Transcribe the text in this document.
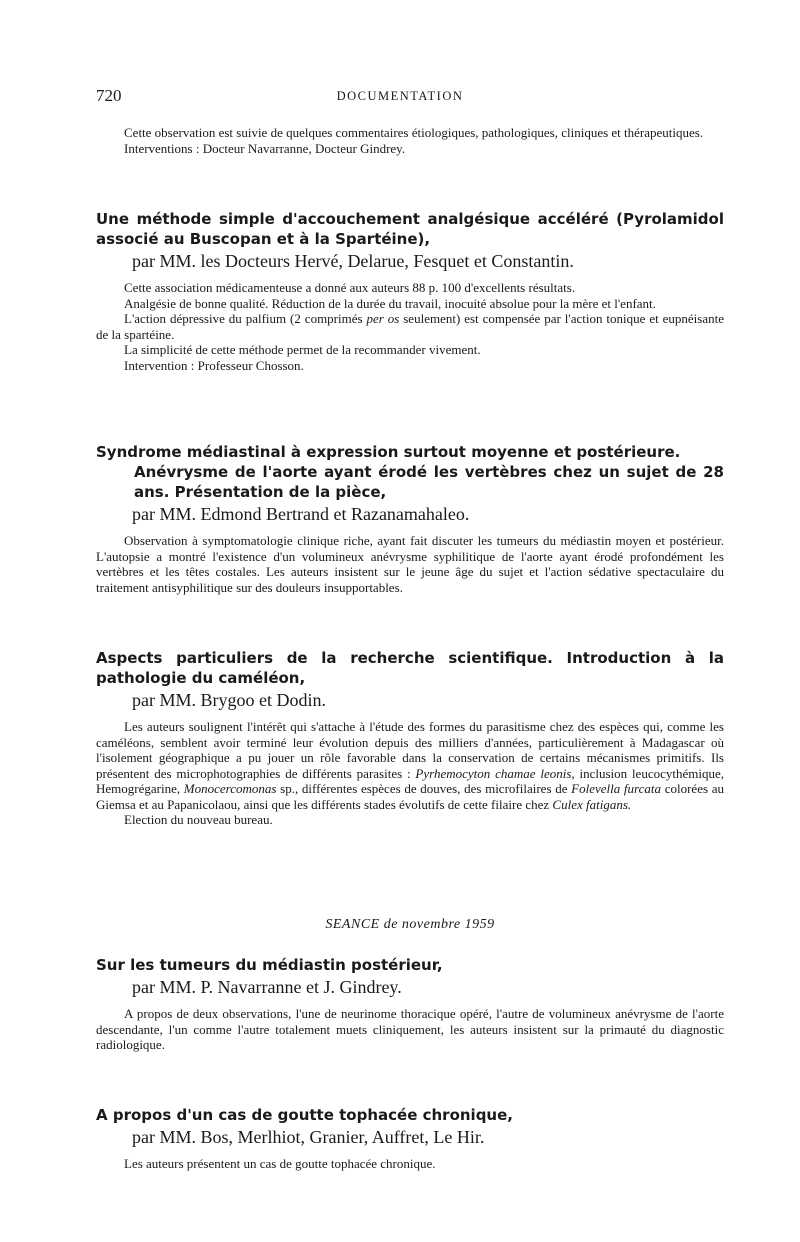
720	DOCUMENTATION

Cette observation est suivie de quelques commentaires étiologiques, pathologiques, cliniques et thérapeutiques.

Interventions : Docteur Navarranne, Docteur Gindrey.

Une méthode simple d'accouchement analgésique accéléré (Pyrolamidol associé au Buscopan et à la Spartéine),

par MM. les Docteurs Hervé, Delarue, Fesquet et Constantin.

Cette association médicamenteuse a donné aux auteurs 88 p. 100 d'excellents résultats.

Analgésie de bonne qualité. Réduction de la durée du travail, inocuité absolue pour la mère et l'enfant.

L'action dépressive du palfium (2 comprimés per os seulement) est compensée par l'action tonique et eupnéisante de la spartéine.

La simplicité de cette méthode permet de la recommander vivement.

Intervention : Professeur Chosson.

Syndrome médiastinal à expression surtout moyenne et postérieure.
Anévrysme de l'aorte ayant érodé les vertèbres chez un sujet de 28 ans. Présentation de la pièce,

par MM. Edmond Bertrand et Razanamahaleo.

Observation à symptomatologie clinique riche, ayant fait discuter les tumeurs du médiastin moyen et postérieur. L'autopsie a montré l'existence d'un volumineux anévrysme syphilitique de l'aorte ayant érodé profondément les vertèbres et les têtes costales. Les auteurs insistent sur le jeune âge du sujet et l'action sédative spectaculaire du traitement antisyphilitique sur des douleurs insupportables.

Aspects particuliers de la recherche scientifique. Introduction à la pathologie du caméléon,

par MM. Brygoo et Dodin.

Les auteurs soulignent l'intérêt qui s'attache à l'étude des formes du parasitisme chez des espèces qui, comme les caméléons, semblent avoir terminé leur évolution depuis des milliers d'années, particulièrement à Madagascar où l'isolement géographique a pu jouer un rôle favorable dans la conservation de certains mécanismes primitifs. Ils présentent des microphotographies de différents parasites : Pyrhemocyton chamae leonis, inclusion leucocythémique, Hemogrégarine, Monocercomonas sp., différentes espèces de douves, des microfilaires de Folevella furcata colorées au Giemsa et au Papanicolaou, ainsi que les différents stades évolutifs de cette filaire chez Culex fatigans.

Election du nouveau bureau.

SEANCE de novembre 1959

Sur les tumeurs du médiastin postérieur,

par MM. P. Navarranne et J. Gindrey.

A propos de deux observations, l'une de neurinome thoracique opéré, l'autre de volumineux anévrysme de l'aorte descendante, l'un comme l'autre totalement muets cliniquement, les auteurs insistent sur la primauté du diagnostic radiologique.

A propos d'un cas de goutte tophacée chronique,

par MM. Bos, Merlhiot, Granier, Auffret, Le Hir.

Les auteurs présentent un cas de goutte tophacée chronique.
